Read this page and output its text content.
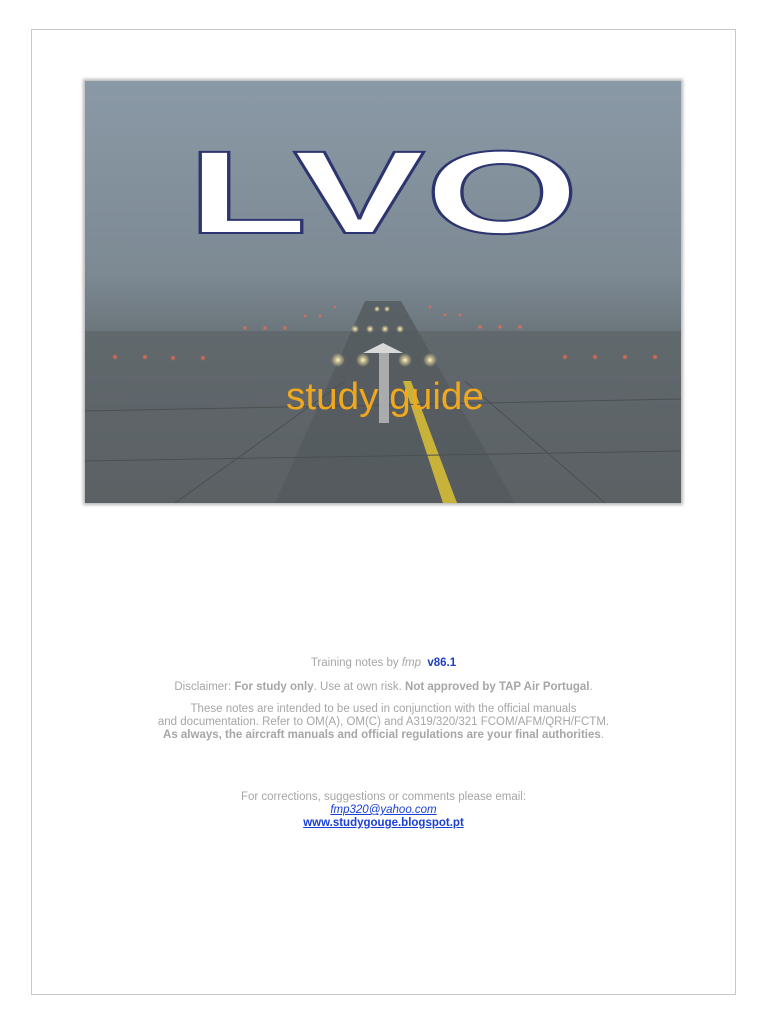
LVO
study guide
Training notes by fmp v86.1
Disclaimer: For study only. Use at own risk. Not approved by TAP Air Portugal.
These notes are intended to be used in conjunction with the official manuals
and documentation. Refer to OM(A), OM(C) and A319/320/321 FCOM/AFM/QRH/FCTM.
As always, the aircraft manuals and official regulations are your final authorities.
For corrections, suggestions or comments please email:
fmp320@yahoo.com
www.studygouge.blogspot.pt
